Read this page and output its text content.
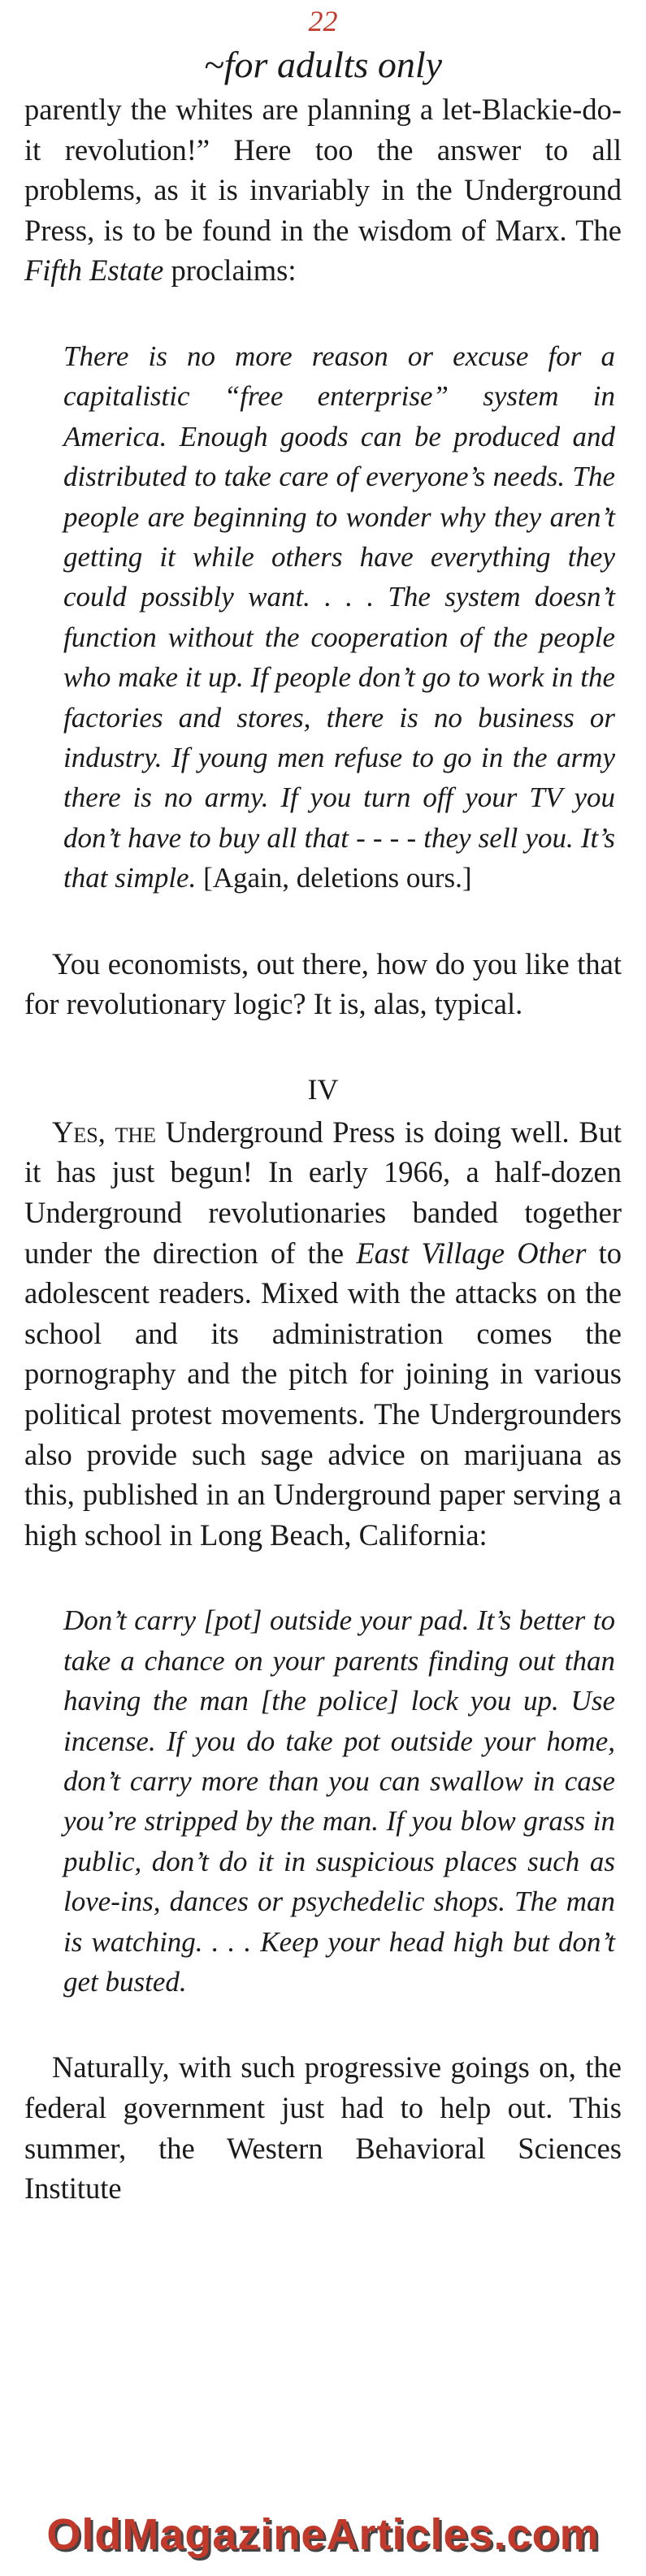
22
~for adults only

parently the whites are planning a let-Blackie-do-it revolution!” Here too the answer to all problems, as it is invariably in the Underground Press, is to be found in the wisdom of Marx. The Fifth Estate proclaims:

There is no more reason or excuse for a capitalistic “free enterprise” system in America. Enough goods can be produced and distributed to take care of everyone’s needs. The people are beginning to wonder why they aren’t getting it while others have everything they could possibly want. . . . The system doesn’t function without the cooperation of the people who make it up. If people don’t go to work in the factories and stores, there is no business or industry. If young men refuse to go in the army there is no army. If you turn off your TV you don’t have to buy all that - - - - they sell you. It’s that simple. [Again, deletions ours.]

You economists, out there, how do you like that for revolutionary logic? It is, alas, typical.

IV

Yes, the Underground Press is doing well. But it has just begun! In early 1966, a half-dozen Underground revolutionaries banded together under the direction of the East Village Other to adolescent readers. Mixed with the attacks on the school and its administration comes the pornography and the pitch for joining in various political protest movements. The Undergrounders also provide such sage advice on marijuana as this, published in an Underground paper serving a high school in Long Beach, California:

Don’t carry [pot] outside your pad. It’s better to take a chance on your parents finding out than having the man [the police] lock you up. Use incense. If you do take pot outside your home, don’t carry more than you can swallow in case you’re stripped by the man. If you blow grass in public, don’t do it in suspicious places such as love-ins, dances or psychedelic shops. The man is watching. . . . Keep your head high but don’t get busted.

Naturally, with such progressive goings on, the federal government just had to help out. This summer, the Western Behavioral Sciences Institute

OldMagazineArticles.com
